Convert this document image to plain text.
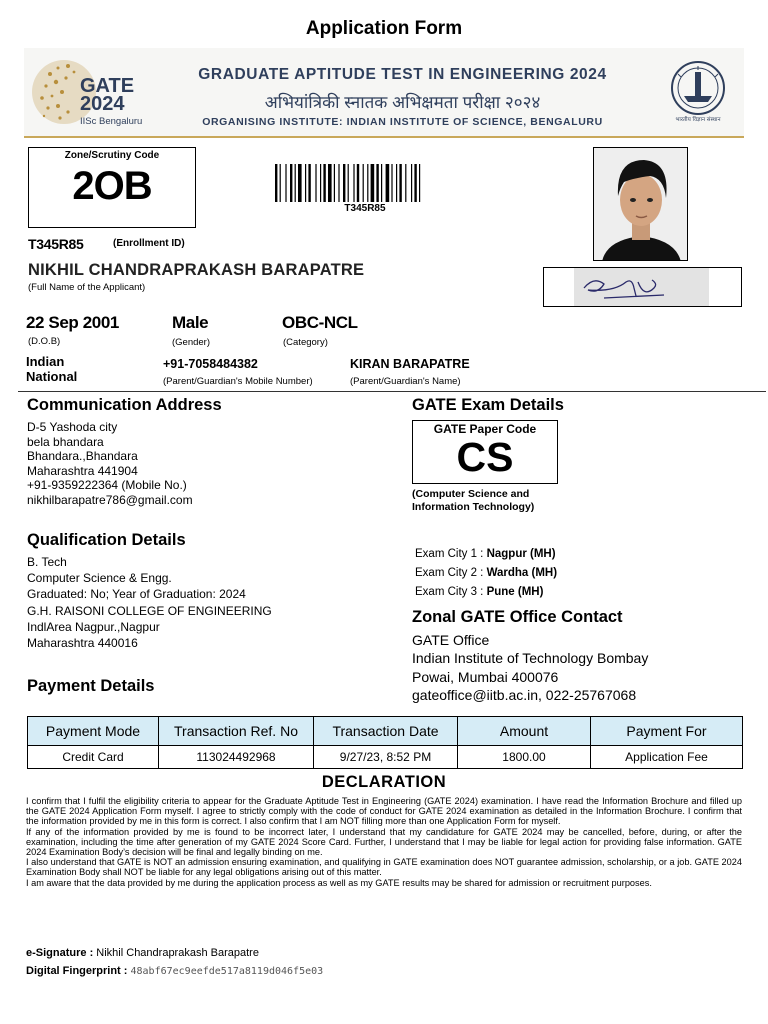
Application Form
GATE
2024
IISc Bengaluru
GRADUATE APTITUDE TEST IN ENGINEERING 2024
अभियांत्रिकी स्नातक अभिक्षमता परीक्षा २०२४
ORGANISING INSTITUTE: INDIAN INSTITUTE OF SCIENCE, BENGALURU	भारतीय विज्ञान संस्थान
Zone/Scrutiny Code
2OB
T345R85
T345R85	(Enrollment ID)
NIKHIL CHANDRAPRAKASH BARAPATRE
(Full Name of the Applicant)
22 Sep 2001
(D.O.B)
Male
(Gender)
OBC-NCL
(Category)
Indian
National
+91-7058484382
(Parent/Guardian's Mobile Number)
KIRAN BARAPATRE
(Parent/Guardian's Name)
Communication Address
D-5 Yashoda city
bela bhandara
Bhandara.,Bhandara
Maharashtra 441904
+91-9359222364 (Mobile No.)
nikhilbarapatre786@gmail.com
GATE Exam Details
GATE Paper Code
CS
(Computer Science and
Information Technology)
Exam City 1 : Nagpur (MH)
Exam City 2 : Wardha (MH)
Exam City 3 : Pune (MH)
Qualification Details
B. Tech
Computer Science & Engg.
Graduated: No; Year of Graduation: 2024
G.H. RAISONI COLLEGE OF ENGINEERING
IndlArea Nagpur.,Nagpur
Maharashtra 440016
Zonal GATE Office Contact
GATE Office
Indian Institute of Technology Bombay
Powai, Mumbai 400076
gateoffice@iitb.ac.in, 022-25767068
Payment Details
Payment Mode	Transaction Ref. No	Transaction Date	Amount	Payment For
Credit Card	113024492968	9/27/23, 8:52 PM	1800.00	Application Fee
DECLARATION

I confirm that I fulfil the eligibility criteria to appear for the Graduate Aptitude Test in Engineering (GATE 2024) examination. I have read the Information Brochure and filled up the GATE 2024 Application Form myself. I agree to strictly comply with the code of conduct for GATE 2024 examination as detailed in the Information Brochure. I confirm that the information provided by me in this form is correct. I also confirm that I am NOT filling more than one Application Form for myself.

If any of the information provided by me is found to be incorrect later, I understand that my candidature for GATE 2024 may be cancelled, before, during, or after the examination, including the time after generation of my GATE 2024 Score Card. Further, I understand that I may be liable for legal action for providing false information. GATE 2024 Examination Body’s decision will be final and legally binding on me.

I also understand that GATE is NOT an admission ensuring examination, and qualifying in GATE examination does NOT guarantee admission, scholarship, or a job. GATE 2024 Examination Body shall NOT be liable for any legal obligations arising out of this matter.

I am aware that the data provided by me during the application process as well as my GATE results may be shared for admission or recruitment purposes.

e-Signature : Nikhil Chandraprakash Barapatre
Digital Fingerprint : 48abf67ec9eefde517a8119d046f5e03
